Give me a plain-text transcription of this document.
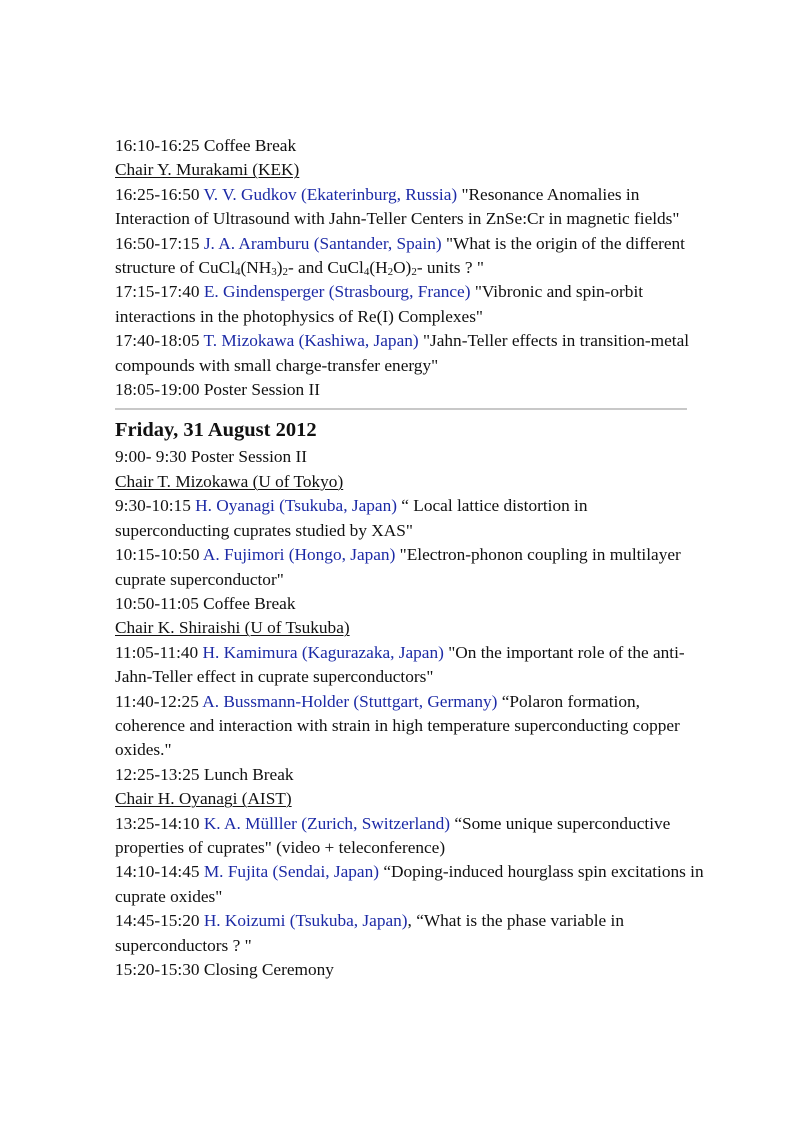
16:10-16:25 Coffee Break

Chair Y. Murakami (KEK)

16:25-16:50 V. V. Gudkov (Ekaterinburg, Russia) "Resonance Anomalies in Interaction of Ultrasound with Jahn-Teller Centers in ZnSe:Cr in magnetic fields"

16:50-17:15 J. A. Aramburu (Santander, Spain) "What is the origin of the different structure of $CuCl_4(NH_3)_2-$ and $CuCl_4(H_2O)_2-$ units ? "

17:15-17:40 E. Gindensperger (Strasbourg, France) "Vibronic and spin-orbit interactions in the photophysics of Re(I) Complexes"

17:40-18:05 T. Mizokawa (Kashiwa, Japan) "Jahn-Teller effects in transition-metal compounds with small charge-transfer energy"

18:05-19:00 Poster Session II

Friday, 31 August 2012

9:00- 9:30 Poster Session II

Chair T. Mizokawa (U of Tokyo)

9:30-10:15 H. Oyanagi (Tsukuba, Japan) “ Local lattice distortion in superconducting cuprates studied by XAS"

10:15-10:50 A. Fujimori (Hongo, Japan) "Electron-phonon coupling in multilayer cuprate superconductor"

10:50-11:05 Coffee Break

Chair K. Shiraishi (U of Tsukuba)

11:05-11:40 H. Kamimura (Kagurazaka, Japan) "On the important role of the anti-Jahn-Teller effect in cuprate superconductors"

11:40-12:25 A. Bussmann-Holder (Stuttgart, Germany) “Polaron formation, coherence and interaction with strain in high temperature superconducting copper oxides."

12:25-13:25 Lunch Break

Chair H. Oyanagi (AIST)

13:25-14:10 K. A. Mülller (Zurich, Switzerland) “Some unique superconductive properties of cuprates" (video + teleconference)

14:10-14:45 M. Fujita (Sendai, Japan) “Doping-induced hourglass spin excitations in cuprate oxides"

14:45-15:20 H. Koizumi (Tsukuba, Japan), “What is the phase variable in superconductors ? "

15:20-15:30 Closing Ceremony
